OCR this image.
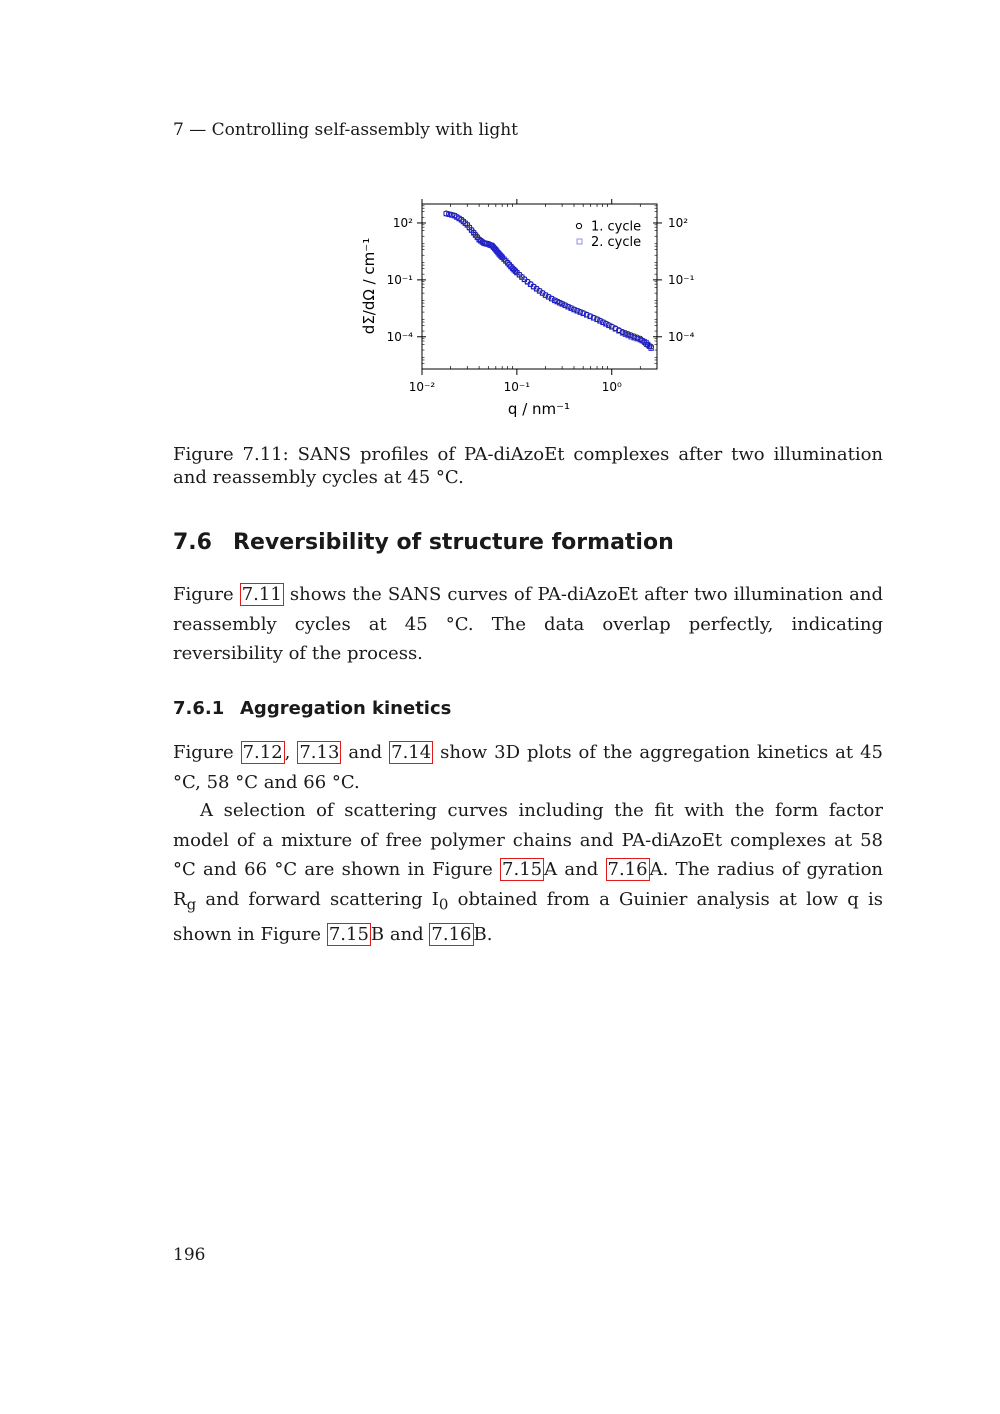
7 — Controlling self-assembly with light
1. cycle
2. cycle
10⁻²	10⁻¹	10⁰
10²	10²
10⁻¹	10⁻¹
10⁻⁴	10⁻⁴
q / nm⁻¹
dΣ/dΩ / cm⁻¹
Figure 7.11: SANS profiles of PA-diAzoEt complexes after two illumination and reassembly cycles at 45 °C.
7.6 Reversibility of structure formation

Figure 7.11 shows the SANS curves of PA-diAzoEt after two illumination and reassembly cycles at 45 °C. The data overlap perfectly, indicating reversibility of the process.

7.6.1 Aggregation kinetics

Figure 7.12 , 7.13 and 7.14 show 3D plots of the aggregation kinetics at 45 °C, 58 °C and 66 °C.

A selection of scattering curves including the fit with the form factor model of a mixture of free polymer chains and PA-diAzoEt complexes at 58 °C and 66 °C are shown in Figure 7.15 A and 7.16 A. The radius of gyration $R_g$ and forward scattering $I_0$ obtained from a Guinier analysis at low q is shown in Figure 7.15 B and 7.16 B.

196
